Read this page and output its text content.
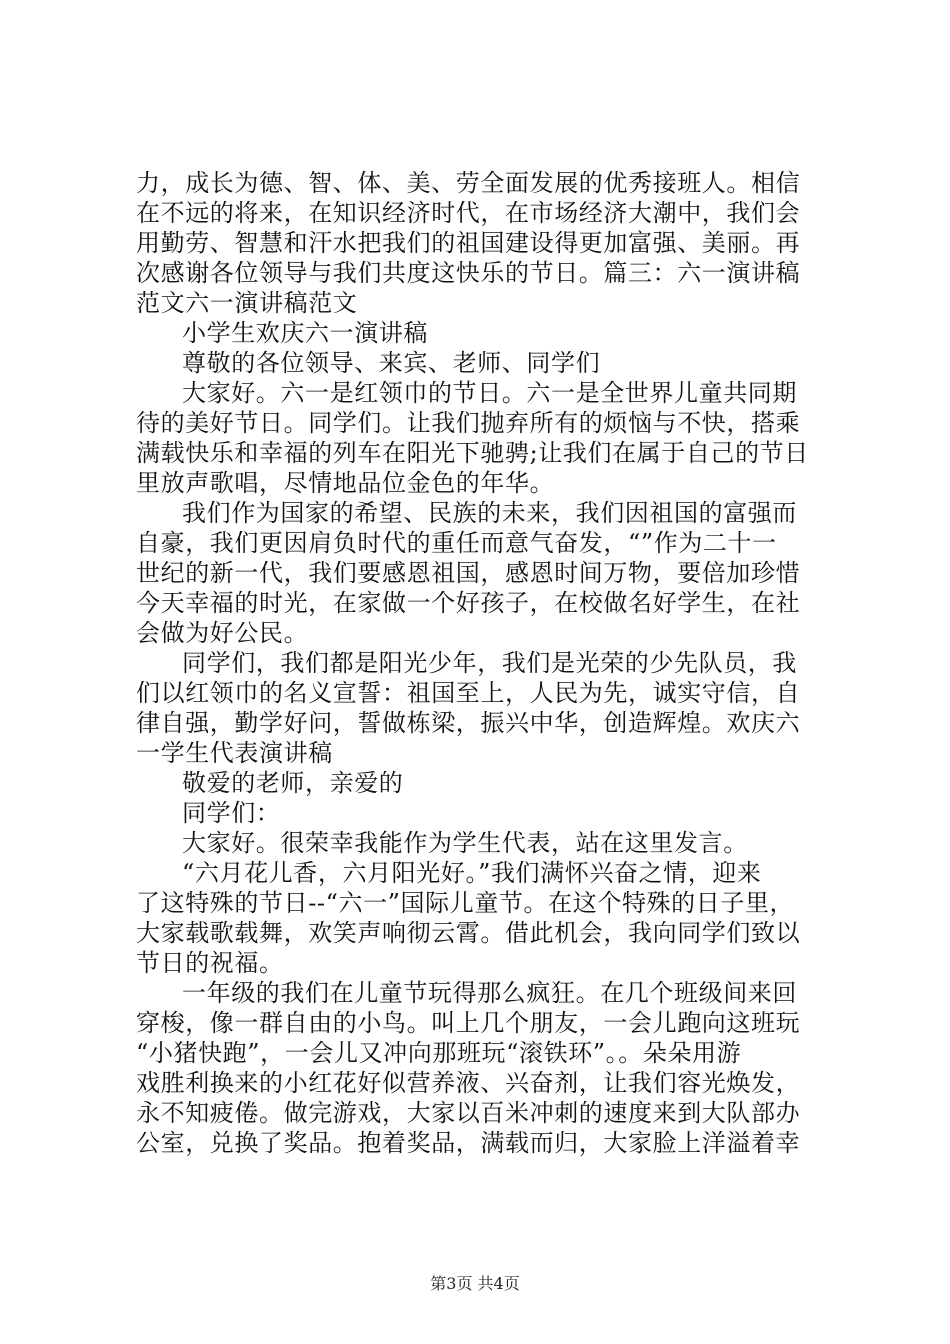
力，成长为德、智、体、美、劳全面发展的优秀接班人。相信
在不远的将来，在知识经济时代，在市场经济大潮中，我们会
用勤劳、智慧和汗水把我们的祖国建设得更加富强、美丽。再
次感谢各位领导与我们共度这快乐的节日。篇三：六一演讲稿
范文六一演讲稿范文
小学生欢庆六一演讲稿
尊敬的各位领导、来宾、老师、同学们
大家好。六一是红领巾的节日。六一是全世界儿童共同期
待的美好节日。同学们。让我们抛弃所有的烦恼与不快，搭乘
满载快乐和幸福的列车在阳光下驰骋;让我们在属于自己的节日
里放声歌唱，尽情地品位金色的年华。
我们作为国家的希望、民族的未来，我们因祖国的富强而
自豪，我们更因肩负时代的重任而意气奋发，“”作为二十一
世纪的新一代，我们要感恩祖国，感恩时间万物，要倍加珍惜
今天幸福的时光，在家做一个好孩子，在校做名好学生，在社
会做为好公民。
同学们，我们都是阳光少年，我们是光荣的少先队员，我
们以红领巾的名义宣誓：祖国至上，人民为先，诚实守信，自
律自强，勤学好问，誓做栋梁，振兴中华，创造辉煌。欢庆六
一学生代表演讲稿
敬爱的老师，亲爱的
同学们：
大家好。很荣幸我能作为学生代表，站在这里发言。
“六月花儿香，六月阳光好。”我们满怀兴奋之情，迎来
了这特殊的节日--“六一”国际儿童节。在这个特殊的日子里，
大家载歌载舞，欢笑声响彻云霄。借此机会，我向同学们致以
节日的祝福。
一年级的我们在儿童节玩得那么疯狂。在几个班级间来回
穿梭，像一群自由的小鸟。叫上几个朋友，一会儿跑向这班玩
“小猪快跑”，一会儿又冲向那班玩“滚铁环”。。朵朵用游
戏胜利换来的小红花好似营养液、兴奋剂，让我们容光焕发，
永不知疲倦。做完游戏，大家以百米冲刺的速度来到大队部办
公室，兑换了奖品。抱着奖品，满载而归，大家脸上洋溢着幸
第3页 共4页
